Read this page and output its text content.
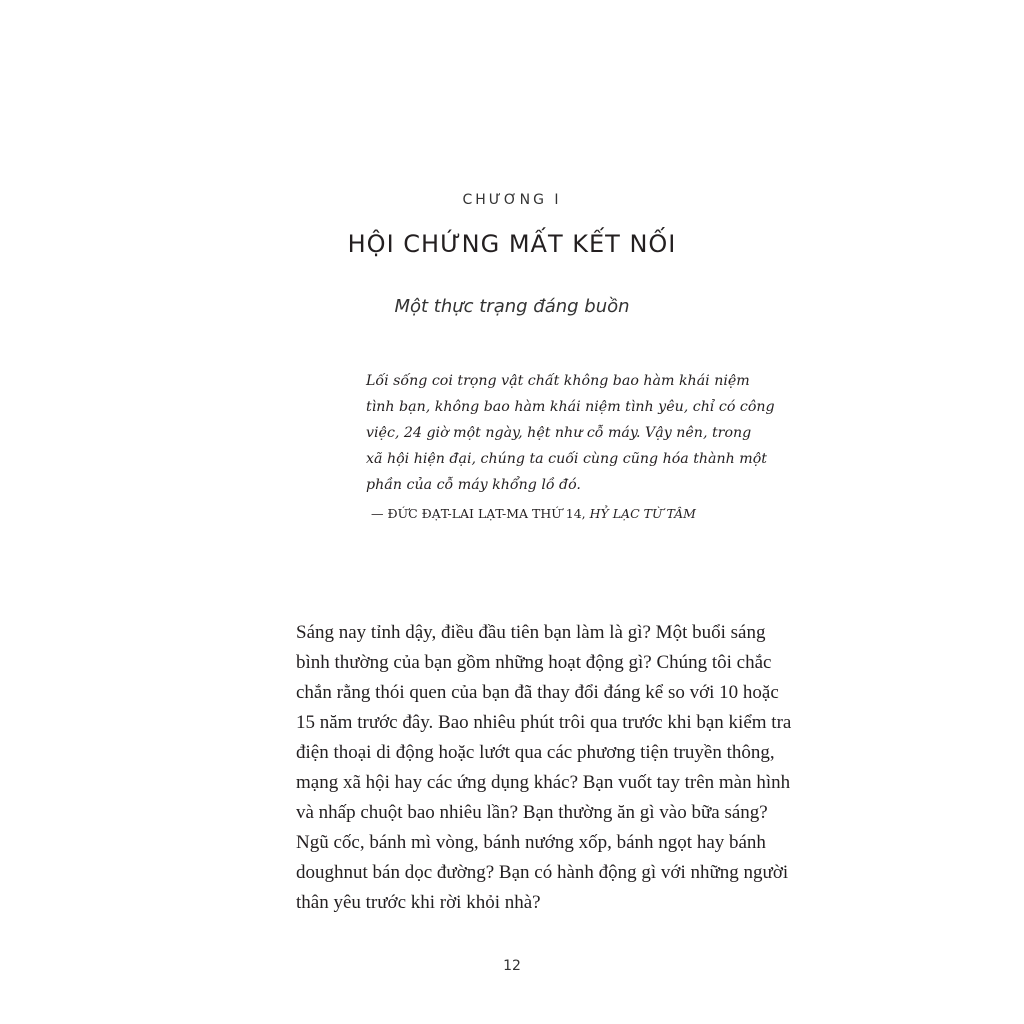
CHƯƠNG I
HỘI CHỨNG MẤT KẾT NỐI
Một thực trạng đáng buồn
Lối sống coi trọng vật chất không bao hàm khái niệm
tình bạn, không bao hàm khái niệm tình yêu, chỉ có công
việc, 24 giờ một ngày, hệt như cỗ máy. Vậy nên, trong
xã hội hiện đại, chúng ta cuối cùng cũng hóa thành một
phần của cỗ máy khổng lồ đó.
— ĐỨC ĐẠT-LAI LẠT-MA THỨ 14, HỶ LẠC TỪ TÂM
Sáng nay tỉnh dậy, điều đầu tiên bạn làm là gì? Một buổi sáng
bình thường của bạn gồm những hoạt động gì? Chúng tôi chắc
chắn rằng thói quen của bạn đã thay đổi đáng kể so với 10 hoặc
15 năm trước đây. Bao nhiêu phút trôi qua trước khi bạn kiểm tra
điện thoại di động hoặc lướt qua các phương tiện truyền thông,
mạng xã hội hay các ứng dụng khác? Bạn vuốt tay trên màn hình
và nhấp chuột bao nhiêu lần? Bạn thường ăn gì vào bữa sáng?
Ngũ cốc, bánh mì vòng, bánh nướng xốp, bánh ngọt hay bánh
doughnut bán dọc đường? Bạn có hành động gì với những người
thân yêu trước khi rời khỏi nhà?
12
